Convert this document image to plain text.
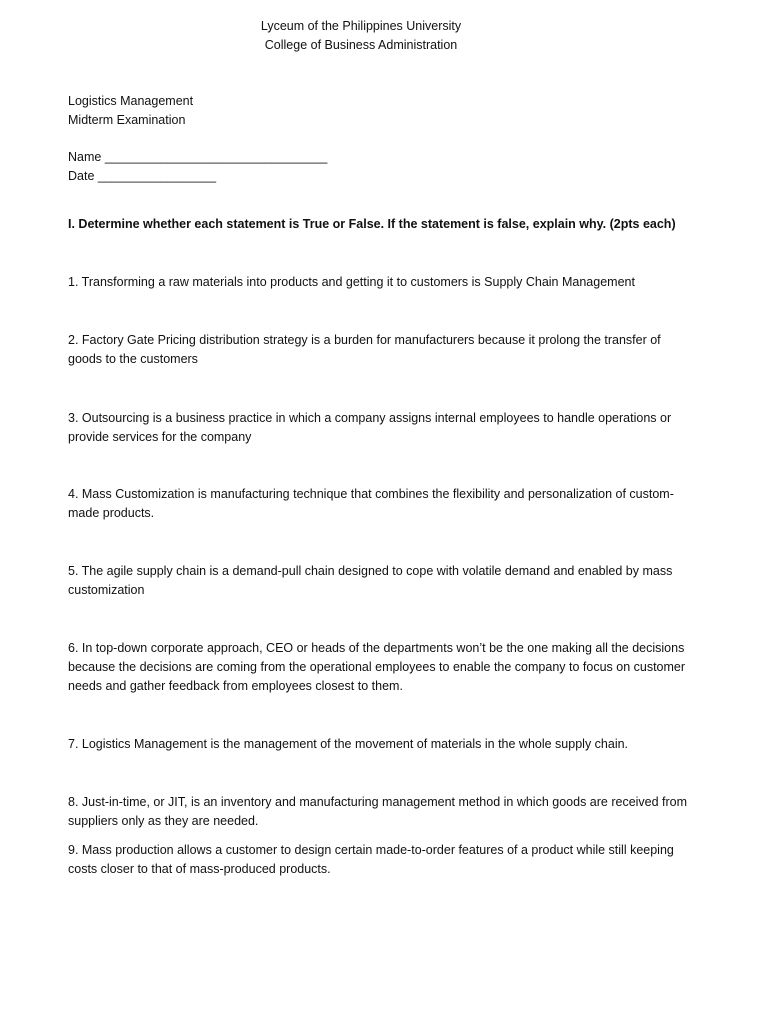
Lyceum of the Philippines University
College of Business Administration
Logistics Management
Midterm Examination
Name ________________________________
Date _________________
I. Determine whether each statement is True or False. If the statement is false, explain why. (2pts each)
1. Transforming a raw materials into products and getting it to customers is Supply Chain Management
2. Factory Gate Pricing distribution strategy is a burden for manufacturers because it prolong the transfer of
goods to the customers
3. Outsourcing is a business practice in which a company assigns internal employees to handle operations or
provide services for the company
4. Mass Customization is manufacturing technique that combines the flexibility and personalization of custom-
made products.
5. The agile supply chain is a demand-pull chain designed to cope with volatile demand and enabled by mass
customization
6. In top-down corporate approach, CEO or heads of the departments won’t be the one making all the decisions
because the decisions are coming from the operational employees to enable the company to focus on customer
needs and gather feedback from employees closest to them.
7. Logistics Management is the management of the movement of materials in the whole supply chain.
8. Just-in-time, or JIT, is an inventory and manufacturing management method in which goods are received from
suppliers only as they are needed.
9. Mass production allows a customer to design certain made-to-order features of a product while still keeping
costs closer to that of mass-produced products.
